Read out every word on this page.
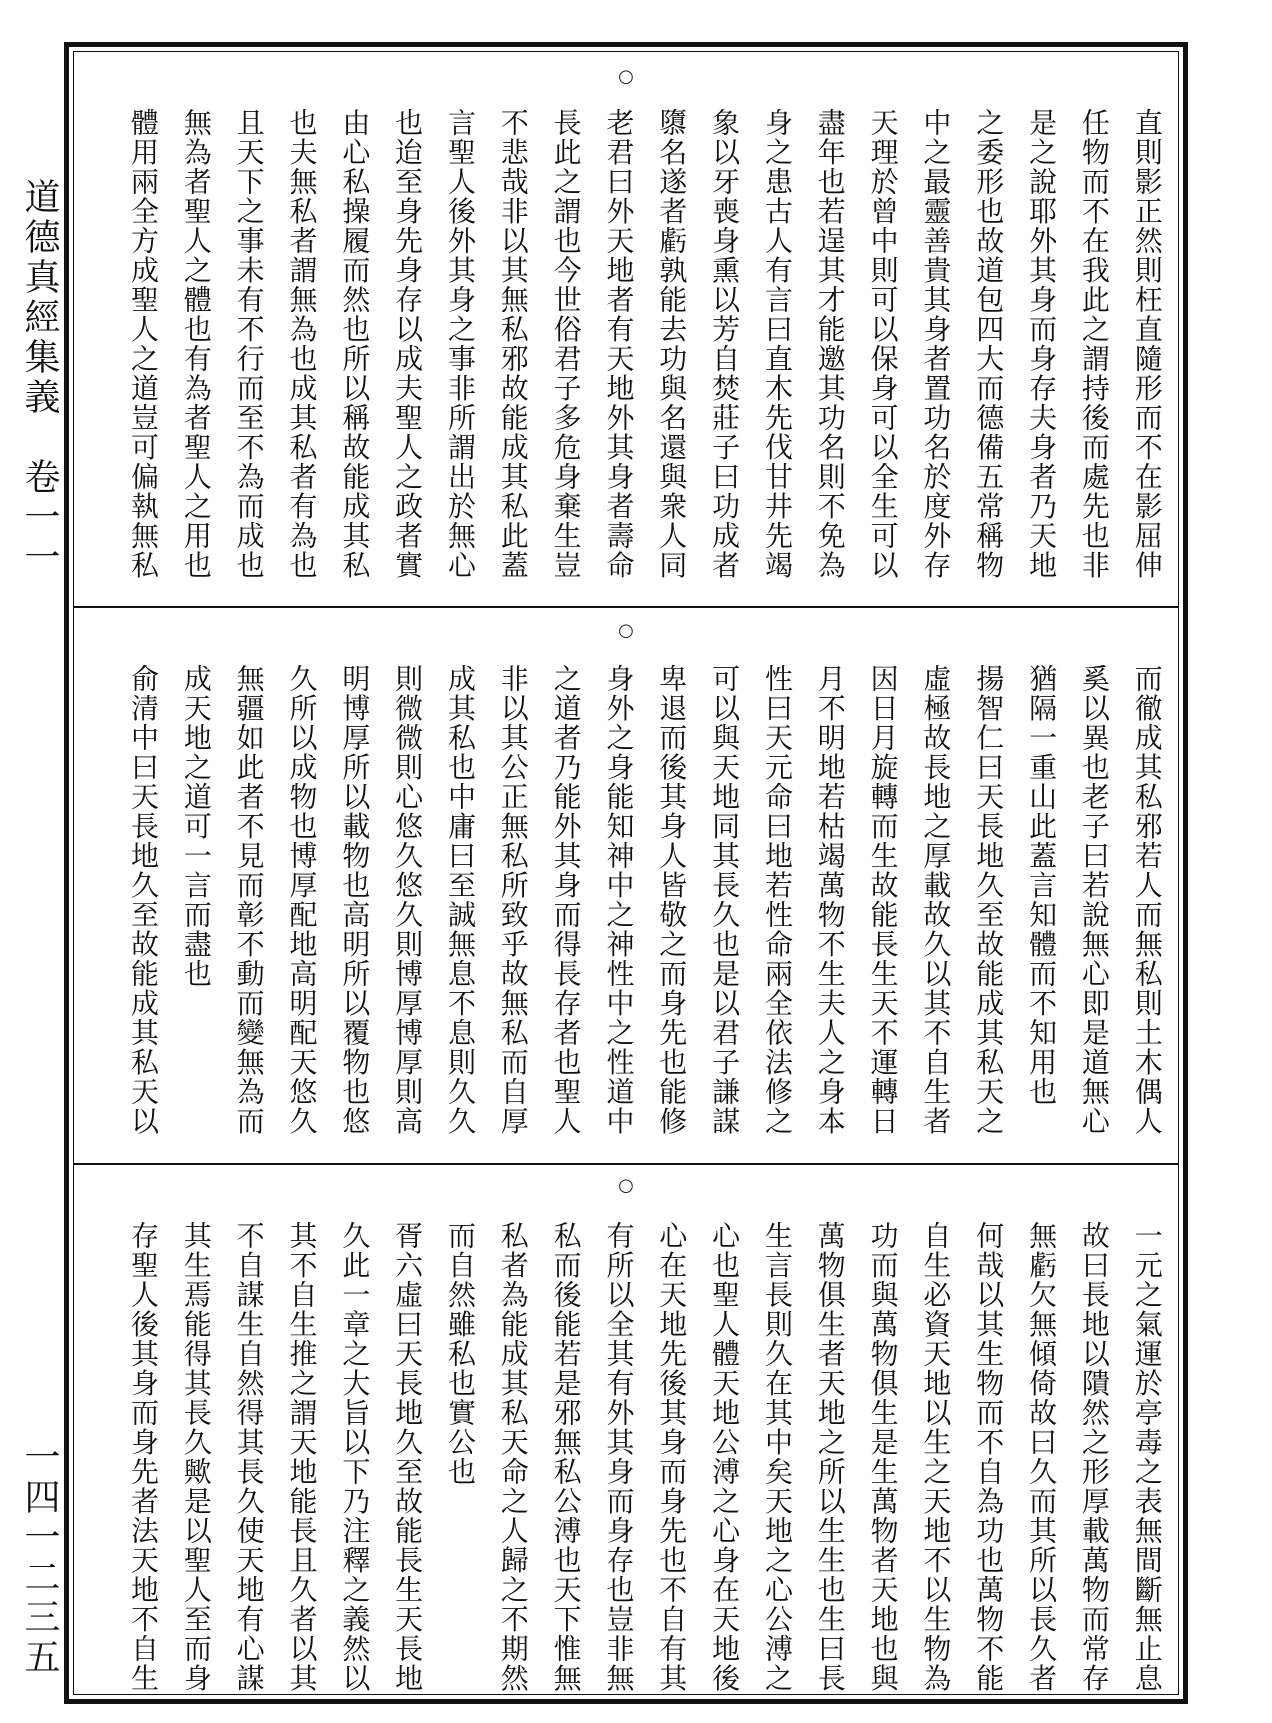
道德真經集義　卷一一
一四一二三五
○
直則影正然則枉直隨形而不在影屈伸
任物而不在我此之謂持後而處先也非
是之說耶外其身而身存夫身者乃天地
之委形也故道包四大而德備五常稱物
中之最靈善貴其身者置功名於度外存
天理於曾中則可以保身可以全生可以
盡年也若逞其才能邀其功名則不免為
身之患古人有言曰直木先伐甘井先竭
象以牙喪身熏以芳自焚莊子曰功成者
隳名遂者虧孰能去功與名還與衆人同
老君曰外天地者有天地外其身者壽命
長此之謂也今世俗君子多危身棄生豈
不悲哉非以其無私邪故能成其私此蓋
言聖人後外其身之事非所謂出於無心
也迨至身先身存以成夫聖人之政者實
由心私操履而然也所以稱故能成其私
也夫無私者謂無為也成其私者有為也
且天下之事未有不行而至不為而成也
無為者聖人之體也有為者聖人之用也
體用兩全方成聖人之道豈可偏執無私
○
而徹成其私邪若人而無私則土木偶人
奚以異也老子曰若說無心即是道無心
猶隔一重山此蓋言知體而不知用也
揚智仁曰天長地久至故能成其私天之
虛極故長地之厚載故久以其不自生者
因日月旋轉而生故能長生天不運轉日
月不明地若枯竭萬物不生夫人之身本
性曰天元命曰地若性命兩全依法修之
可以與天地同其長久也是以君子謙謀
卑退而後其身人皆敬之而身先也能修
身外之身能知神中之神性中之性道中
之道者乃能外其身而得長存者也聖人
非以其公正無私所致乎故無私而自厚
成其私也中庸曰至誠無息不息則久久
則微微則心悠久悠久則博厚博厚則高
明博厚所以載物也高明所以覆物也悠
久所以成物也博厚配地高明配天悠久
無疆如此者不見而彰不動而變無為而
成天地之道可一言而盡也
俞清中曰天長地久至故能成其私天以
○
一元之氣運於亭毒之表無間斷無止息
故曰長地以隤然之形厚載萬物而常存
無虧欠無傾倚故曰久而其所以長久者
何哉以其生物而不自為功也萬物不能
自生必資天地以生之天地不以生物為
功而與萬物俱生是生萬物者天地也與
萬物俱生者天地之所以生生也生曰長
生言長則久在其中矣天地之心公溥之
心也聖人體天地公溥之心身在天地後
心在天地先後其身而身先也不自有其
有所以全其有外其身而身存也豈非無
私而後能若是邪無私公溥也天下惟無
私者為能成其私天命之人歸之不期然
而自然雖私也實公也
胥六虛曰天長地久至故能長生天長地
久此一章之大旨以下乃注釋之義然以
其不自生推之謂天地能長且久者以其
不自謀生自然得其長久使天地有心謀
其生焉能得其長久歟是以聖人至而身
存聖人後其身而身先者法天地不自生
